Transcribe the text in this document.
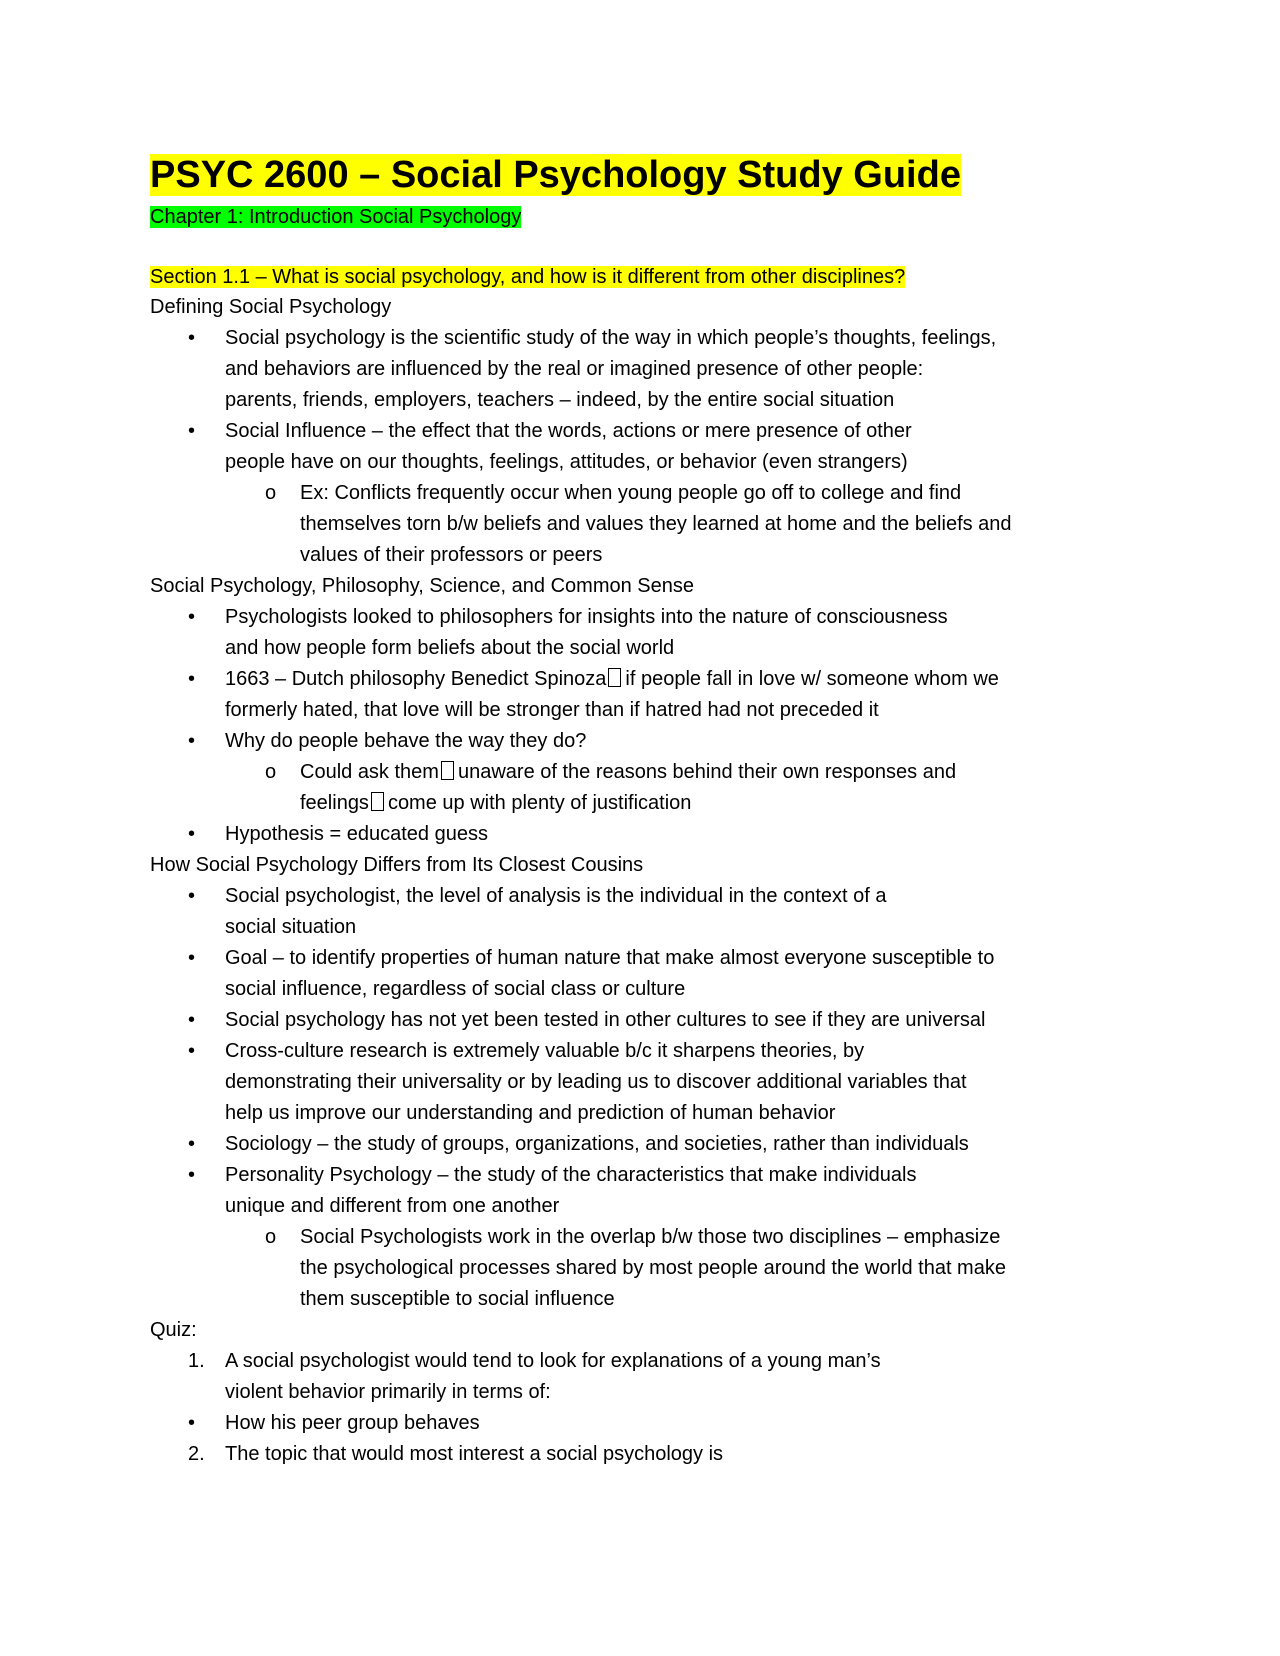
PSYC 2600 – Social Psychology Study Guide
Chapter 1: Introduction Social Psychology
Section 1.1 – What is social psychology, and how is it different from other disciplines?
Defining Social Psychology
• Social psychology is the scientific study of the way in which people’s thoughts, feelings,
and behaviors are influenced by the real or imagined presence of other people:
parents, friends, employers, teachers – indeed, by the entire social situation
• Social Influence – the effect that the words, actions or mere presence of other
people have on our thoughts, feelings, attitudes, or behavior (even strangers)
o Ex: Conflicts frequently occur when young people go off to college and find
themselves torn b/w beliefs and values they learned at home and the beliefs and
values of their professors or peers
Social Psychology, Philosophy, Science, and Common Sense
• Psychologists looked to philosophers for insights into the nature of consciousness
and how people form beliefs about the social world
• 1663 – Dutch philosophy Benedict Spinoza if people fall in love w/ someone whom we
formerly hated, that love will be stronger than if hatred had not preceded it
• Why do people behave the way they do?
o Could ask them unaware of the reasons behind their own responses and
feelings come up with plenty of justification
• Hypothesis = educated guess
How Social Psychology Differs from Its Closest Cousins
• Social psychologist, the level of analysis is the individual in the context of a
social situation
• Goal – to identify properties of human nature that make almost everyone susceptible to
social influence, regardless of social class or culture
• Social psychology has not yet been tested in other cultures to see if they are universal
• Cross-culture research is extremely valuable b/c it sharpens theories, by
demonstrating their universality or by leading us to discover additional variables that
help us improve our understanding and prediction of human behavior
• Sociology – the study of groups, organizations, and societies, rather than individuals
• Personality Psychology – the study of the characteristics that make individuals
unique and different from one another
o Social Psychologists work in the overlap b/w those two disciplines – emphasize
the psychological processes shared by most people around the world that make
them susceptible to social influence
Quiz:
1. A social psychologist would tend to look for explanations of a young man’s
violent behavior primarily in terms of:
• How his peer group behaves
2. The topic that would most interest a social psychology is
